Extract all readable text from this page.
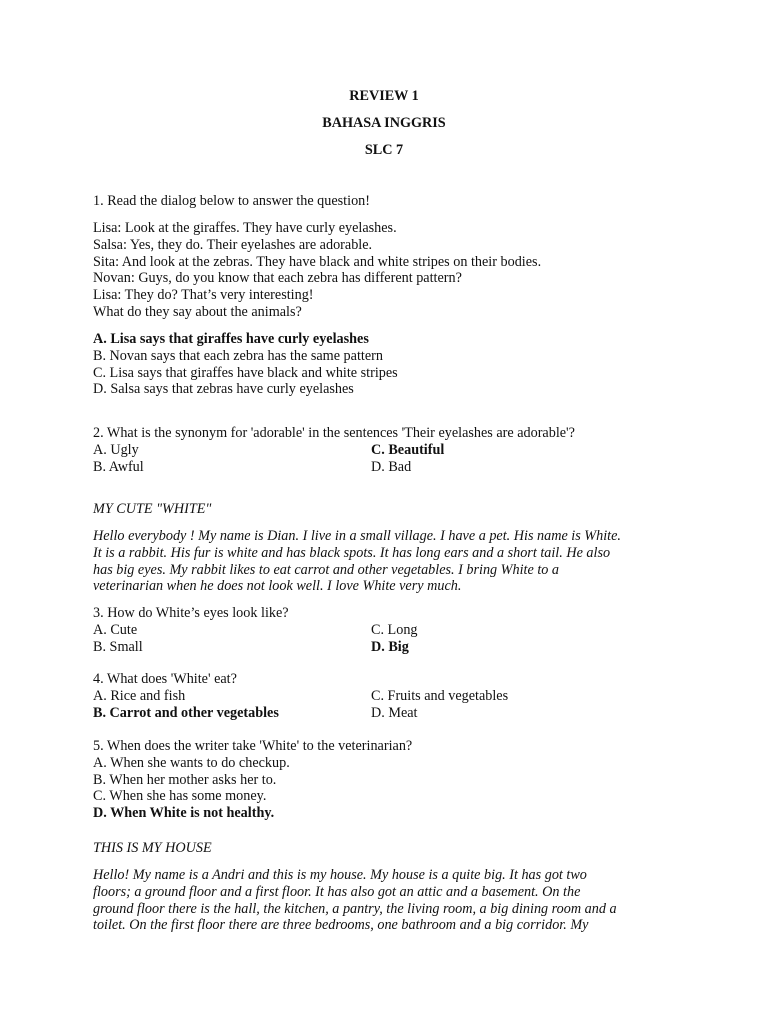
REVIEW 1
BAHASA INGGRIS
SLC 7
1. Read the dialog below to answer the question!
Lisa: Look at the giraffes. They have curly eyelashes.
Salsa: Yes, they do. Their eyelashes are adorable.
Sita: And look at the zebras. They have black and white stripes on their bodies.
Novan: Guys, do you know that each zebra has different pattern?
Lisa: They do? That’s very interesting!
What do they say about the animals?
A. Lisa says that giraffes have curly eyelashes
B. Novan says that each zebra has the same pattern
C. Lisa says that giraffes have black and white stripes
D. Salsa says that zebras have curly eyelashes
2. What is the synonym for 'adorable' in the sentences 'Their eyelashes are adorable'?
A. Ugly	C. Beautiful
B. Awful	D. Bad
MY CUTE "WHITE"
Hello everybody ! My name is Dian. I live in a small village. I have a pet. His name is White.
It is a rabbit. His fur is white and has black spots. It has long ears and a short tail. He also
has big eyes. My rabbit likes to eat carrot and other vegetables. I bring White to a
veterinarian when he does not look well. I love White very much.
3. How do White’s eyes look like?
A. Cute	C. Long
B. Small	D. Big
4. What does 'White' eat?
A. Rice and fish	C. Fruits and vegetables
B. Carrot and other vegetables	D. Meat
5. When does the writer take 'White' to the veterinarian?
A. When she wants to do checkup.
B. When her mother asks her to.
C. When she has some money.
D. When White is not healthy.
THIS IS MY HOUSE
Hello! My name is a Andri and this is my house. My house is a quite big. It has got two
floors; a ground floor and a first floor. It has also got an attic and a basement. On the
ground floor there is the hall, the kitchen, a pantry, the living room, a big dining room and a
toilet. On the first floor there are three bedrooms, one bathroom and a big corridor. My
